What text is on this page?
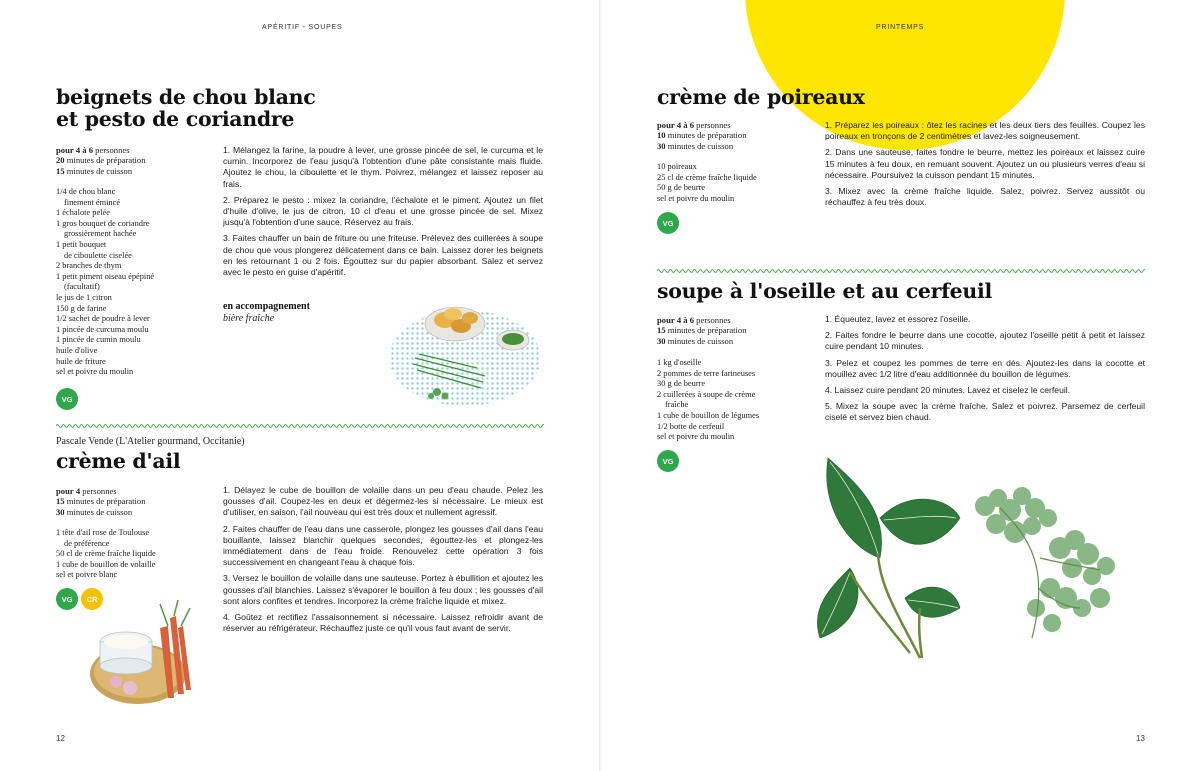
APÉRITIF - SOUPES
beignets de chou blanc
et pesto de coriandre
pour 4 à 6 personnes
20 minutes de préparation
15 minutes de cuisson
1/4 de chou blanc
finement émincé
1 échalote pelée
1 gros bouquet de coriandre
grossièrement hachée
1 petit bouquet
de ciboulette ciselée
2 branches de thym
1 petit piment oiseau épépiné
(facultatif)
le jus de 1 citron
150 g de farine
1/2 sachet de poudre à lever
1 pincée de curcuma moulu
1 pincée de cumin moulu
huile d'olive
huile de friture
sel et poivre du moulin
VG

1. Mélangez la farine, la poudre à lever, une grosse pincée de sel, le curcuma et le cumin. Incorporez de l'eau jusqu'à l'obtention d'une pâte consistante mais fluide. Ajoutez le chou, la ciboulette et le thym. Poivrez, mélangez et laissez reposer au frais.

2. Préparez le pesto : mixez la coriandre, l'échalote et le piment. Ajoutez un filet d'huile d'olive, le jus de citron, 10 cl d'eau et une grosse pincée de sel. Mixez jusqu'à l'obtention d'une sauce. Réservez au frais.

3. Faites chauffer un bain de friture ou une friteuse. Prélevez des cuillerées à soupe de chou que vous plongerez délicatement dans ce bain. Laissez dorer les beignets en les retournant 1 ou 2 fois. Égouttez sur du papier absorbant. Salez et servez avec le pesto en guise d'apéritif.

en accompagnement
bière fraîche
Pascale Vende (L'Atelier gourmand, Occitanie)
crème d'ail
pour 4 personnes
15 minutes de préparation
30 minutes de cuisson
1 tête d'ail rose de Toulouse
de préférence
50 cl de crème fraîche liquide
1 cube de bouillon de volaille
sel et poivre blanc
VG	CR

1. Délayez le cube de bouillon de volaille dans un peu d'eau chaude. Pelez les gousses d'ail. Coupez-les en deux et dégermez-les si nécessaire. Le mieux est d'utiliser, en saison, l'ail nouveau qui est très doux et nullement agressif.

2. Faites chauffer de l'eau dans une casserole, plongez les gousses d'ail dans l'eau bouillante, laissez blanchir quelques secondes, égouttez-les et plongez-les immédiatement dans de l'eau froide. Renouvelez cette opération 3 fois successivement en changeant l'eau à chaque fois.

3. Versez le bouillon de volaille dans une sauteuse. Portez à ébullition et ajoutez les gousses d'ail blanchies. Laissez s'évaporer le bouillon à feu doux ; les gousses d'ail sont alors confites et tendres. Incorporez la crème fraîche liquide et mixez.

4. Goûtez et rectifiez l'assaisonnement si nécessaire. Laissez refroidir avant de réserver au réfrigérateur. Réchauffez juste ce qu'il vous faut avant de servir.

12
PRINTEMPS
crème de poireaux
pour 4 à 6 personnes
10 minutes de préparation
30 minutes de cuisson
10 poireaux
25 cl de crème fraîche liquide
50 g de beurre
sel et poivre du moulin
VG

1. Préparez les poireaux : ôtez les racines et les deux tiers des feuilles. Coupez les poireaux en tronçons de 2 centimètres et lavez-les soigneusement.

2. Dans une sauteuse, faites fondre le beurre, mettez les poireaux et laissez cuire 15 minutes à feu doux, en remuant souvent. Ajoutez un ou plusieurs verres d'eau si nécessaire. Poursuivez la cuisson pendant 15 minutes.

3. Mixez avec la crème fraîche liquide. Salez, poivrez. Servez aussitôt ou réchauffez à feu très doux.

soupe à l'oseille et au cerfeuil
pour 4 à 6 personnes
15 minutes de préparation
30 minutes de cuisson
1 kg d'oseille
2 pommes de terre farineuses
30 g de beurre
2 cuillerées à soupe de crème
fraîche
1 cube de bouillon de légumes
1/2 botte de cerfeuil
sel et poivre du moulin
VG

1. Équeutez, lavez et essorez l'oseille.

2. Faites fondre le beurre dans une cocotte, ajoutez l'oseille petit à petit et laissez cuire pendant 10 minutes.

3. Pelez et coupez les pommes de terre en dés. Ajoutez-les dans la cocotte et mouillez avec 1/2 litre d'eau additionnée du bouillon de légumes.

4. Laissez cuire pendant 20 minutes. Lavez et ciselez le cerfeuil.

5. Mixez la soupe avec la crème fraîche. Salez et poivrez. Parsemez de cerfeuil ciselé et servez bien chaud.

13
